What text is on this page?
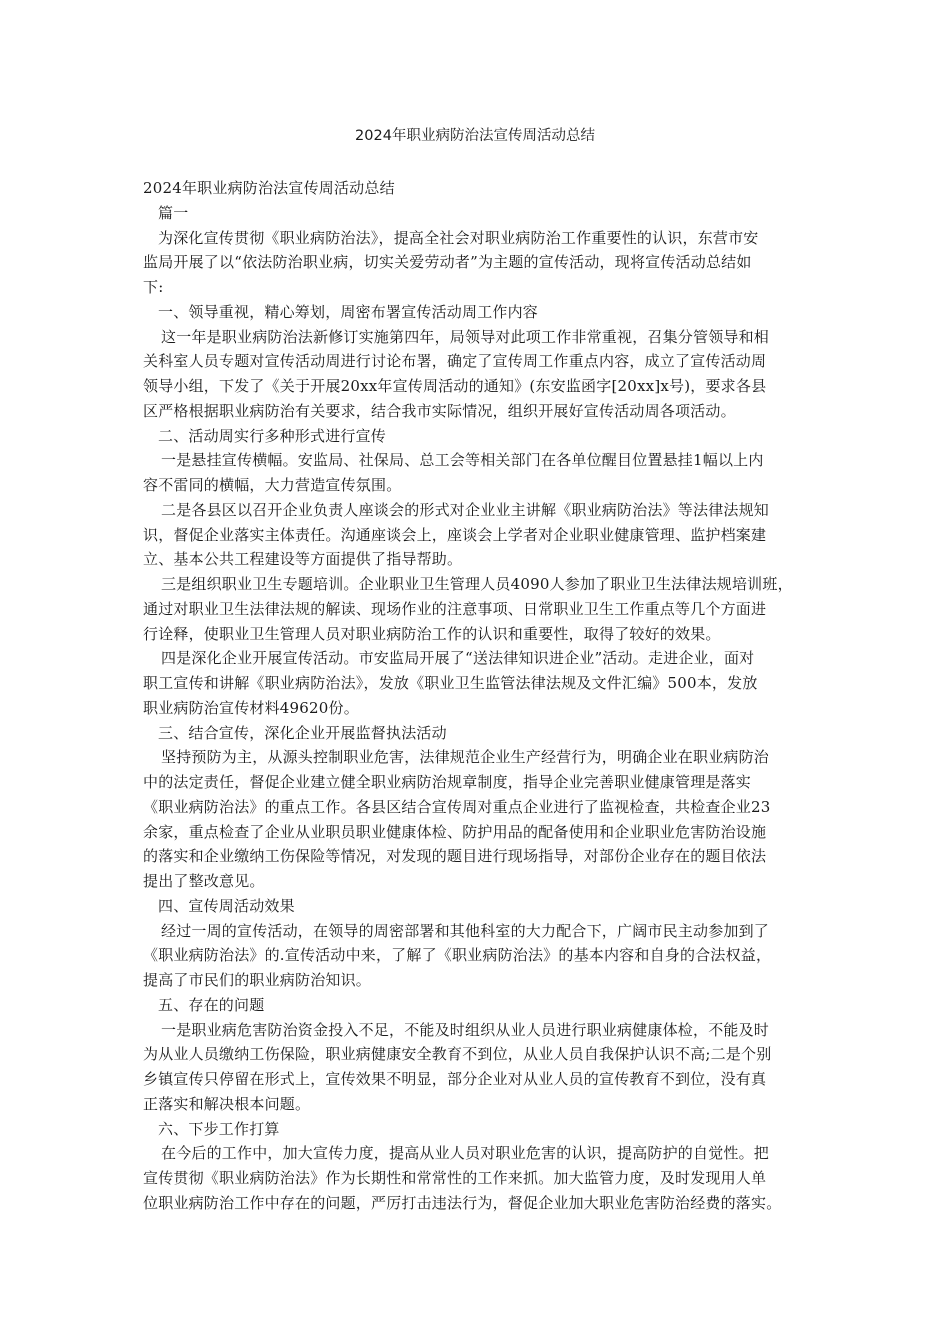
2024年职业病防治法宣传周活动总结

2024年职业病防治法宣传周活动总结

篇一

为深化宣传贯彻《职业病防治法》，提高全社会对职业病防治工作重要性的认识，东营市安

监局开展了以“依法防治职业病，切实关爱劳动者”为主题的宣传活动，现将宣传活动总结如

下:

一、领导重视，精心筹划，周密布署宣传活动周工作内容

这一年是职业病防治法新修订实施第四年，局领导对此项工作非常重视，召集分管领导和相

关科室人员专题对宣传活动周进行讨论布署，确定了宣传周工作重点内容，成立了宣传活动周

领导小组，下发了《关于开展20xx年宣传周活动的通知》(东安监函字[20xx]x号)，要求各县

区严格根据职业病防治有关要求，结合我市实际情况，组织开展好宣传活动周各项活动。

二、活动周实行多种形式进行宣传

一是悬挂宣传横幅。安监局、社保局、总工会等相关部门在各单位醒目位置悬挂1幅以上内

容不雷同的横幅，大力营造宣传氛围。

二是各县区以召开企业负责人座谈会的形式对企业业主讲解《职业病防治法》等法律法规知

识，督促企业落实主体责任。沟通座谈会上，座谈会上学者对企业职业健康管理、监护档案建

立、基本公共工程建设等方面提供了指导帮助。

三是组织职业卫生专题培训。企业职业卫生管理人员4090人参加了职业卫生法律法规培训班，

通过对职业卫生法律法规的解读、现场作业的注意事项、日常职业卫生工作重点等几个方面进

行诠释，使职业卫生管理人员对职业病防治工作的认识和重要性，取得了较好的效果。

四是深化企业开展宣传活动。市安监局开展了“送法律知识进企业”活动。走进企业，面对

职工宣传和讲解《职业病防治法》，发放《职业卫生监管法律法规及文件汇编》500本，发放

职业病防治宣传材料49620份。

三、结合宣传，深化企业开展监督执法活动

坚持预防为主，从源头控制职业危害，法律规范企业生产经营行为，明确企业在职业病防治

中的法定责任，督促企业建立健全职业病防治规章制度，指导企业完善职业健康管理是落实

《职业病防治法》的重点工作。各县区结合宣传周对重点企业进行了监视检查，共检查企业23

余家，重点检查了企业从业职员职业健康体检、防护用品的配备使用和企业职业危害防治设施

的落实和企业缴纳工伤保险等情况，对发现的题目进行现场指导，对部份企业存在的题目依法

提出了整改意见。

四、宣传周活动效果

经过一周的宣传活动，在领导的周密部署和其他科室的大力配合下，广阔市民主动参加到了

《职业病防治法》的.宣传活动中来，了解了《职业病防治法》的基本内容和自身的合法权益，

提高了市民们的职业病防治知识。

五、存在的问题

一是职业病危害防治资金投入不足，不能及时组织从业人员进行职业病健康体检，不能及时

为从业人员缴纳工伤保险，职业病健康安全教育不到位，从业人员自我保护认识不高;二是个别

乡镇宣传只停留在形式上，宣传效果不明显，部分企业对从业人员的宣传教育不到位，没有真

正落实和解决根本问题。

六、下步工作打算

在今后的工作中，加大宣传力度，提高从业人员对职业危害的认识，提高防护的自觉性。把

宣传贯彻《职业病防治法》作为长期性和常常性的工作来抓。加大监管力度，及时发现用人单

位职业病防治工作中存在的问题，严厉打击违法行为，督促企业加大职业危害防治经费的落实。
